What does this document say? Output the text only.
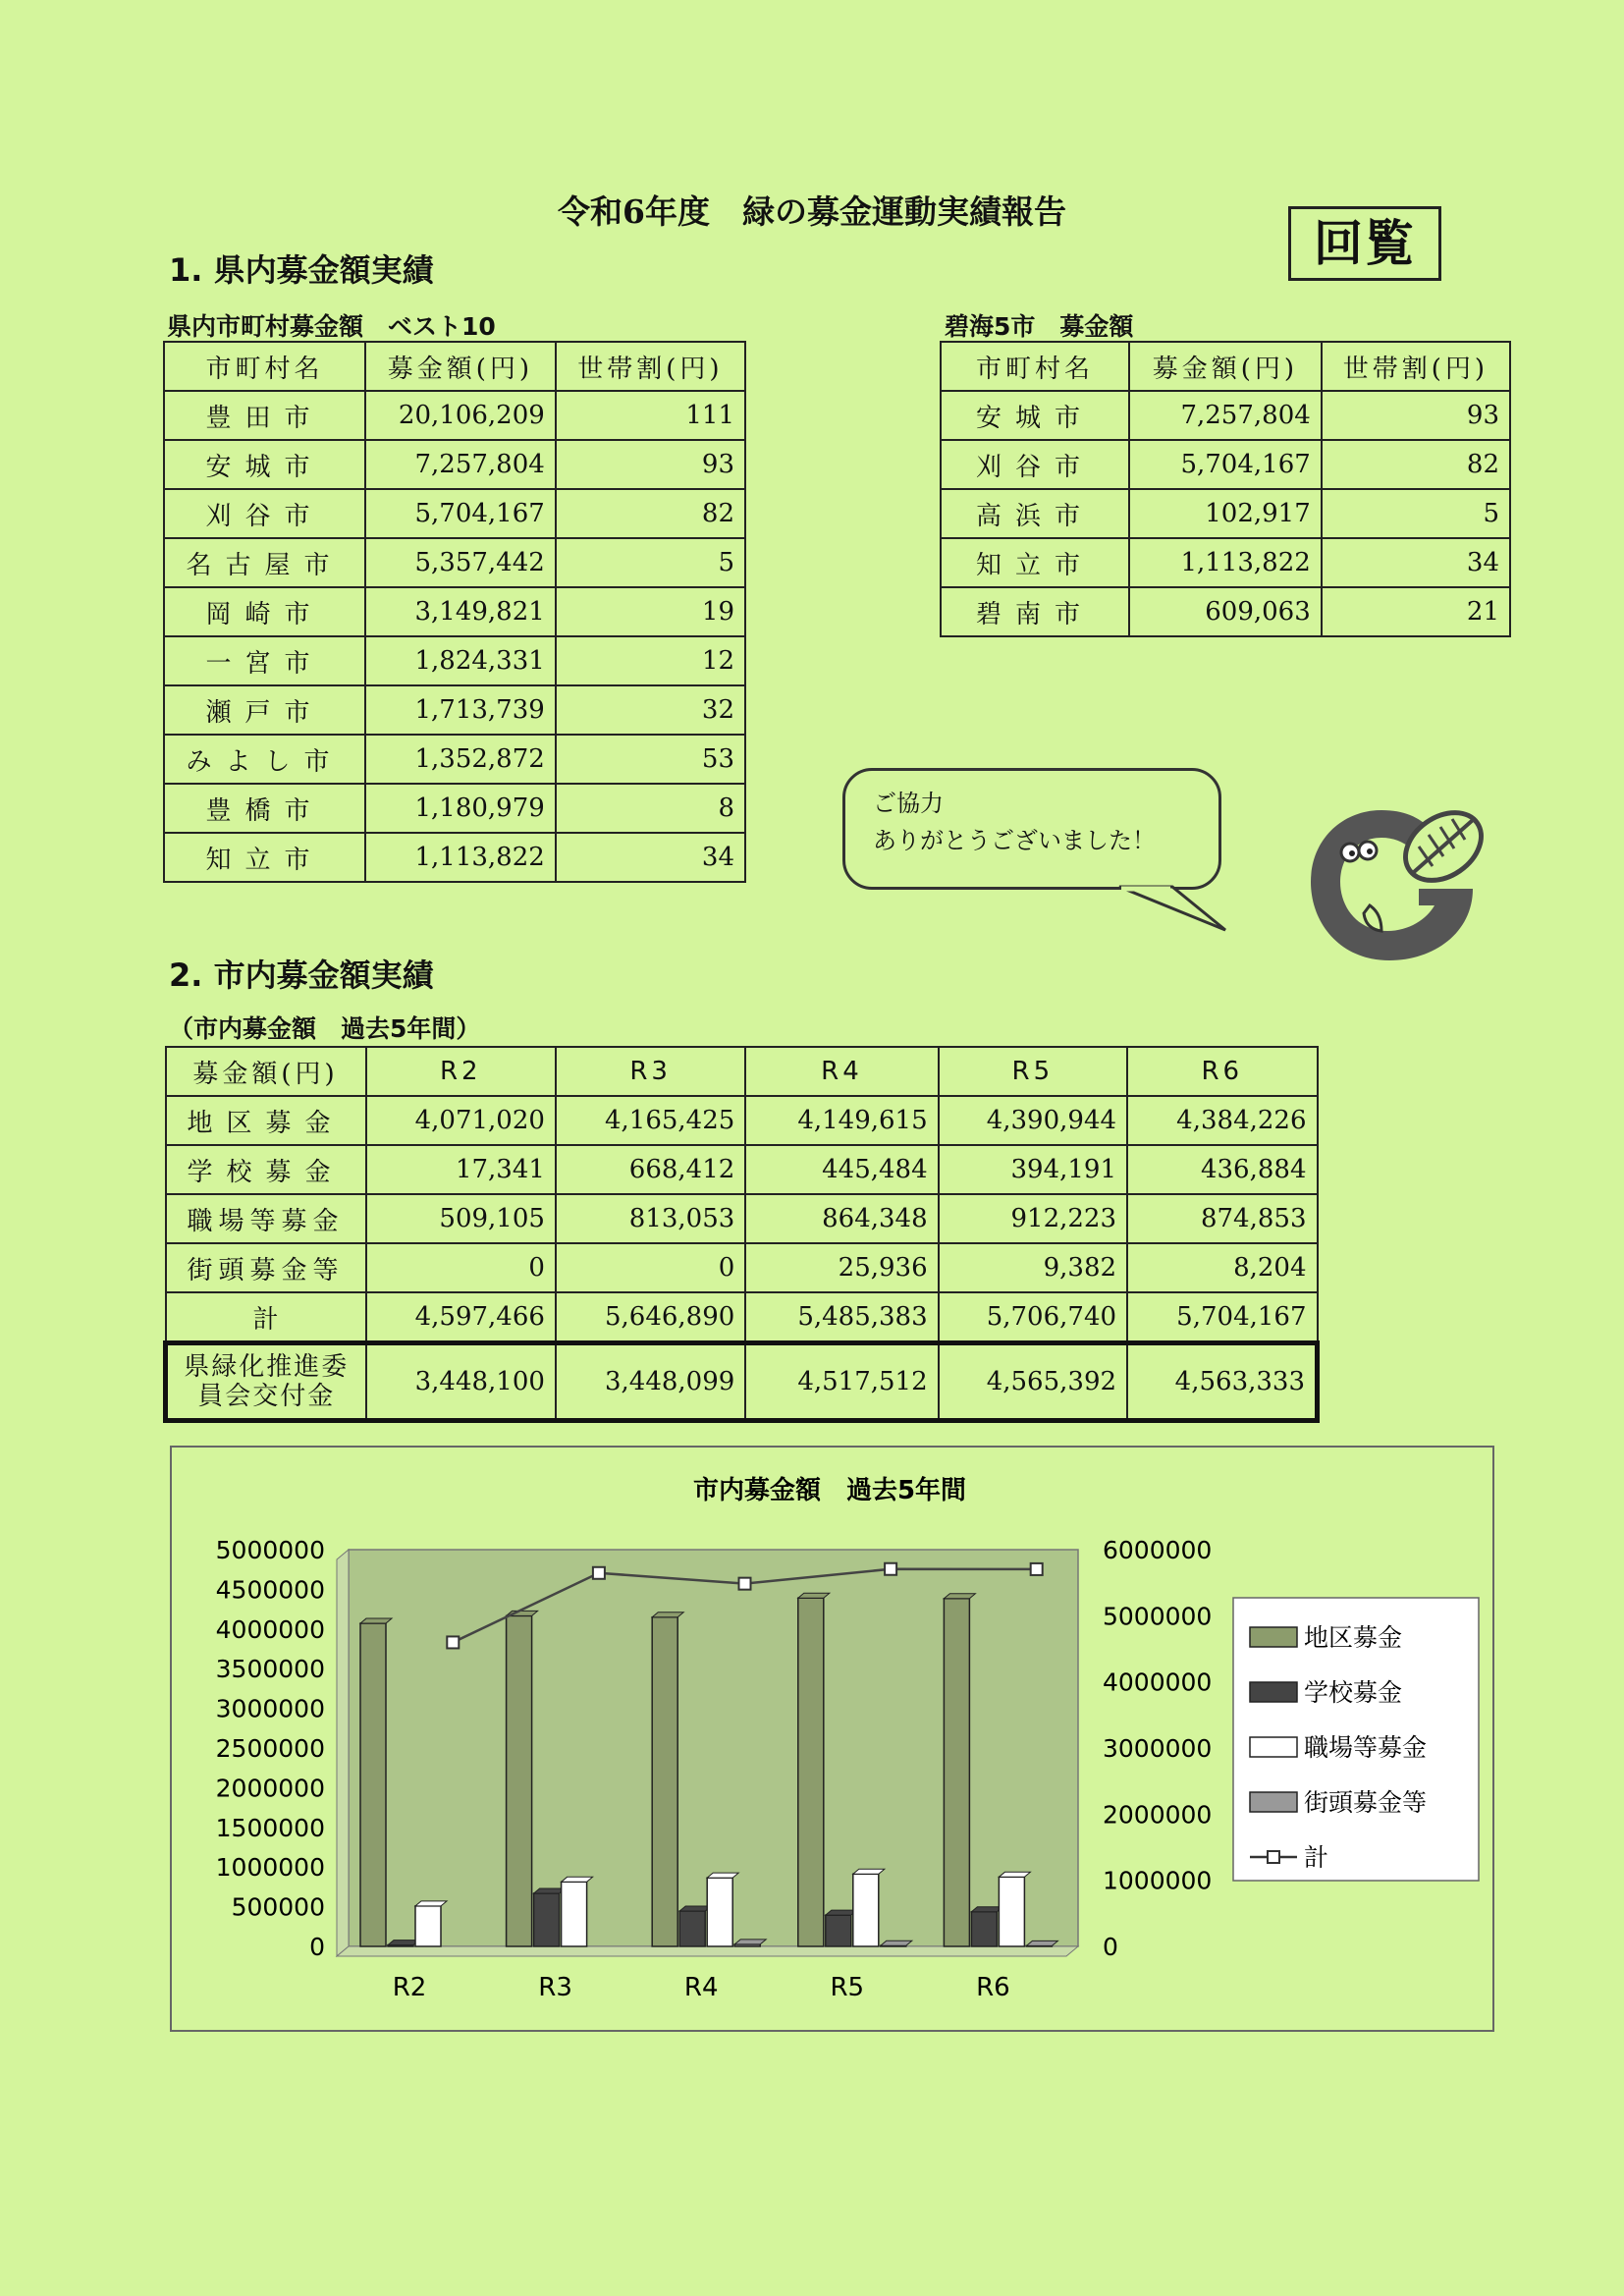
令和6年度　緑の募金運動実績報告
回覧
1. 県内募金額実績
県内市町村募金額　ベスト10	碧海5市　募金額
市町村名	募金額(円)	世帯割(円)
豊田市	20,106,209	111
安城市	7,257,804	93
刈谷市	5,704,167	82
名古屋市	5,357,442	5
岡崎市	3,149,821	19
一宮市	1,824,331	12
瀬戸市	1,713,739	32
みよし市	1,352,872	53
豊橋市	1,180,979	8
知立市	1,113,822	34
市町村名	募金額(円)	世帯割(円)
安城市	7,257,804	93
刈谷市	5,704,167	82
高浜市	102,917	5
知立市	1,113,822	34
碧南市	609,063	21
ご協力
ありがとうございました！
2. 市内募金額実績
（市内募金額　過去5年間）
募金額(円)	R2	R3	R4	R5	R6
地区募金	4,071,020	4,165,425	4,149,615	4,390,944	4,384,226
学校募金	17,341	668,412	445,484	394,191	436,884
職場等募金	509,105	813,053	864,348	912,223	874,853
街頭募金等	0	0	25,936	9,382	8,204
計	4,597,466	5,646,890	5,485,383	5,706,740	5,704,167

県緑化推進委
員会交付金	3,448,100	3,448,099	4,517,512	4,565,392	4,563,333
市内募金額　過去5年間
5000000
4500000
4000000
3500000
3000000
2500000
2000000
1500000
1000000
500000
0
6000000
5000000
4000000
3000000
2000000
1000000
0
R2	R3	R4	R5	R6
地区募金
学校募金
職場等募金
街頭募金等
計
